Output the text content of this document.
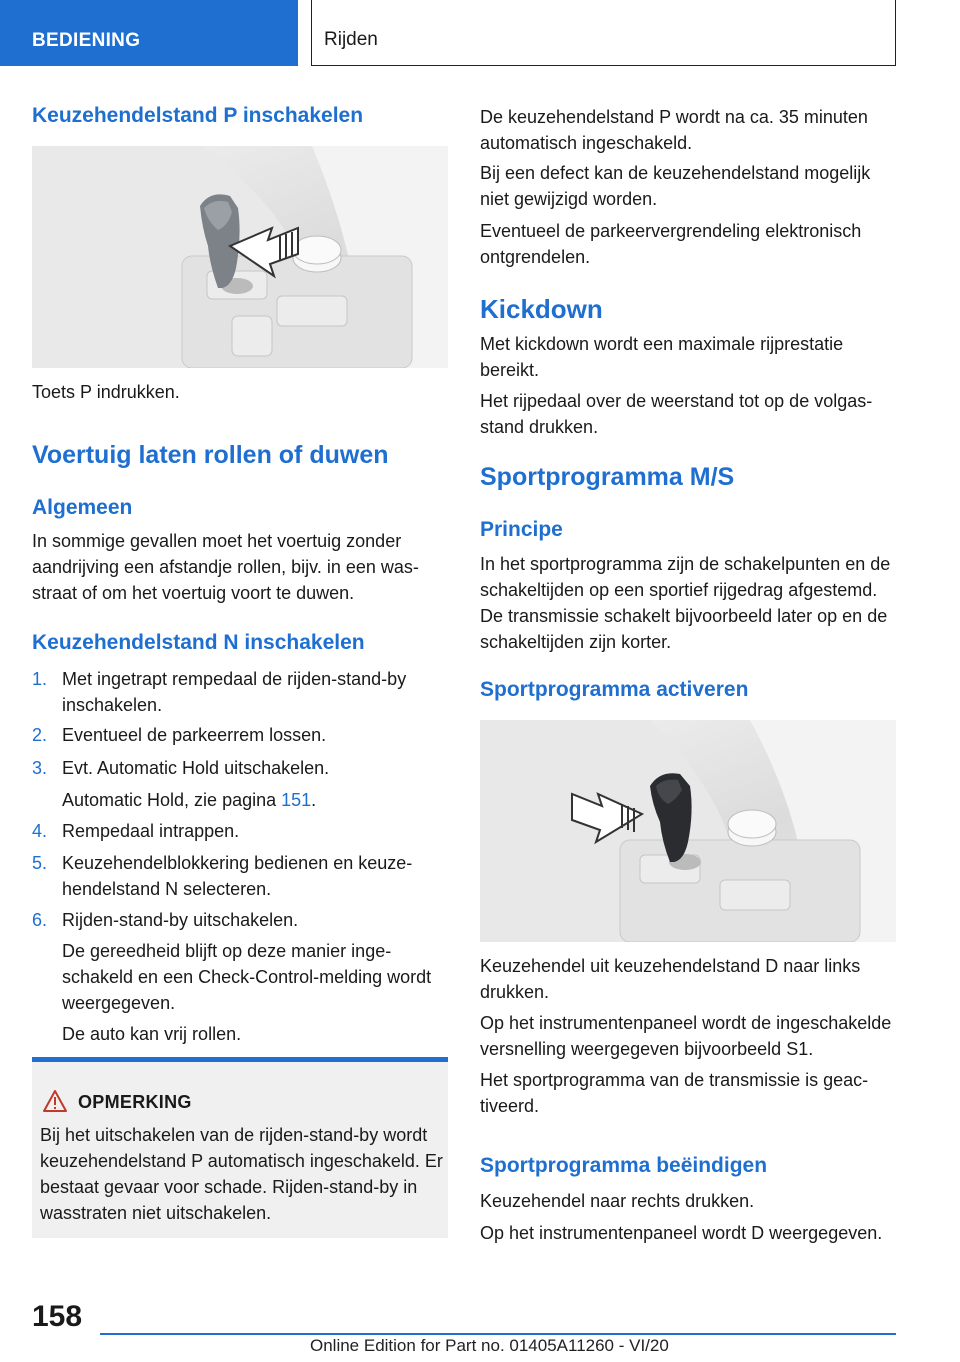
BEDIENING	Rijden
Keuzehendelstand P inschakelen
Toets P indrukken.
Voertuig laten rollen of duwen
Algemeen
In sommige gevallen moet het voertuig zonder aandrijving een afstandje rollen, bijv. in een wasstraat of om het voertuig voort te duwen.
Keuzehendelstand N inschakelen
1. Met ingetrapt rempedaal de rijden-stand-by inschakelen.
2. Eventueel de parkeerrem lossen.
3. Evt. Automatic Hold uitschakelen.
Automatic Hold, zie pagina 151.
4. Rempedaal intrappen.
5. Keuzehendelblokkering bedienen en keuzehendelstand N selecteren.
6. Rijden-stand-by uitschakelen.
De gereedheid blijft op deze manier ingeschakeld en een Check-Control-melding wordt weergegeven.
De auto kan vrij rollen.
OPMERKING
Bij het uitschakelen van de rijden-stand-by wordt keuzehendelstand P automatisch ingeschakeld. Er bestaat gevaar voor schade. Rijden-stand-by in wasstraten niet uitschakelen.
De keuzehendelstand P wordt na ca. 35 minuten automatisch ingeschakeld.
Bij een defect kan de keuzehendelstand mogelijk niet gewijzigd worden.
Eventueel de parkeervergrendeling elektronisch ontgrendelen.
Kickdown
Met kickdown wordt een maximale rijprestatie bereikt.
Het rijpedaal over de weerstand tot op de volgasstand drukken.
Sportprogramma M/S
Principe
In het sportprogramma zijn de schakelpunten en de schakeltijden op een sportief rijgedrag afgestemd. De transmissie schakelt bijvoorbeeld later op en de schakeltijden zijn korter.
Sportprogramma activeren
Keuzehendel uit keuzehendelstand D naar links drukken.
Op het instrumentenpaneel wordt de ingeschakelde versnelling weergegeven bijvoorbeeld S1.
Het sportprogramma van de transmissie is geactiveerd.
Sportprogramma beëindigen
Keuzehendel naar rechts drukken.
Op het instrumentenpaneel wordt D weergegeven.
158
Online Edition for Part no. 01405A11260 - VI/20
